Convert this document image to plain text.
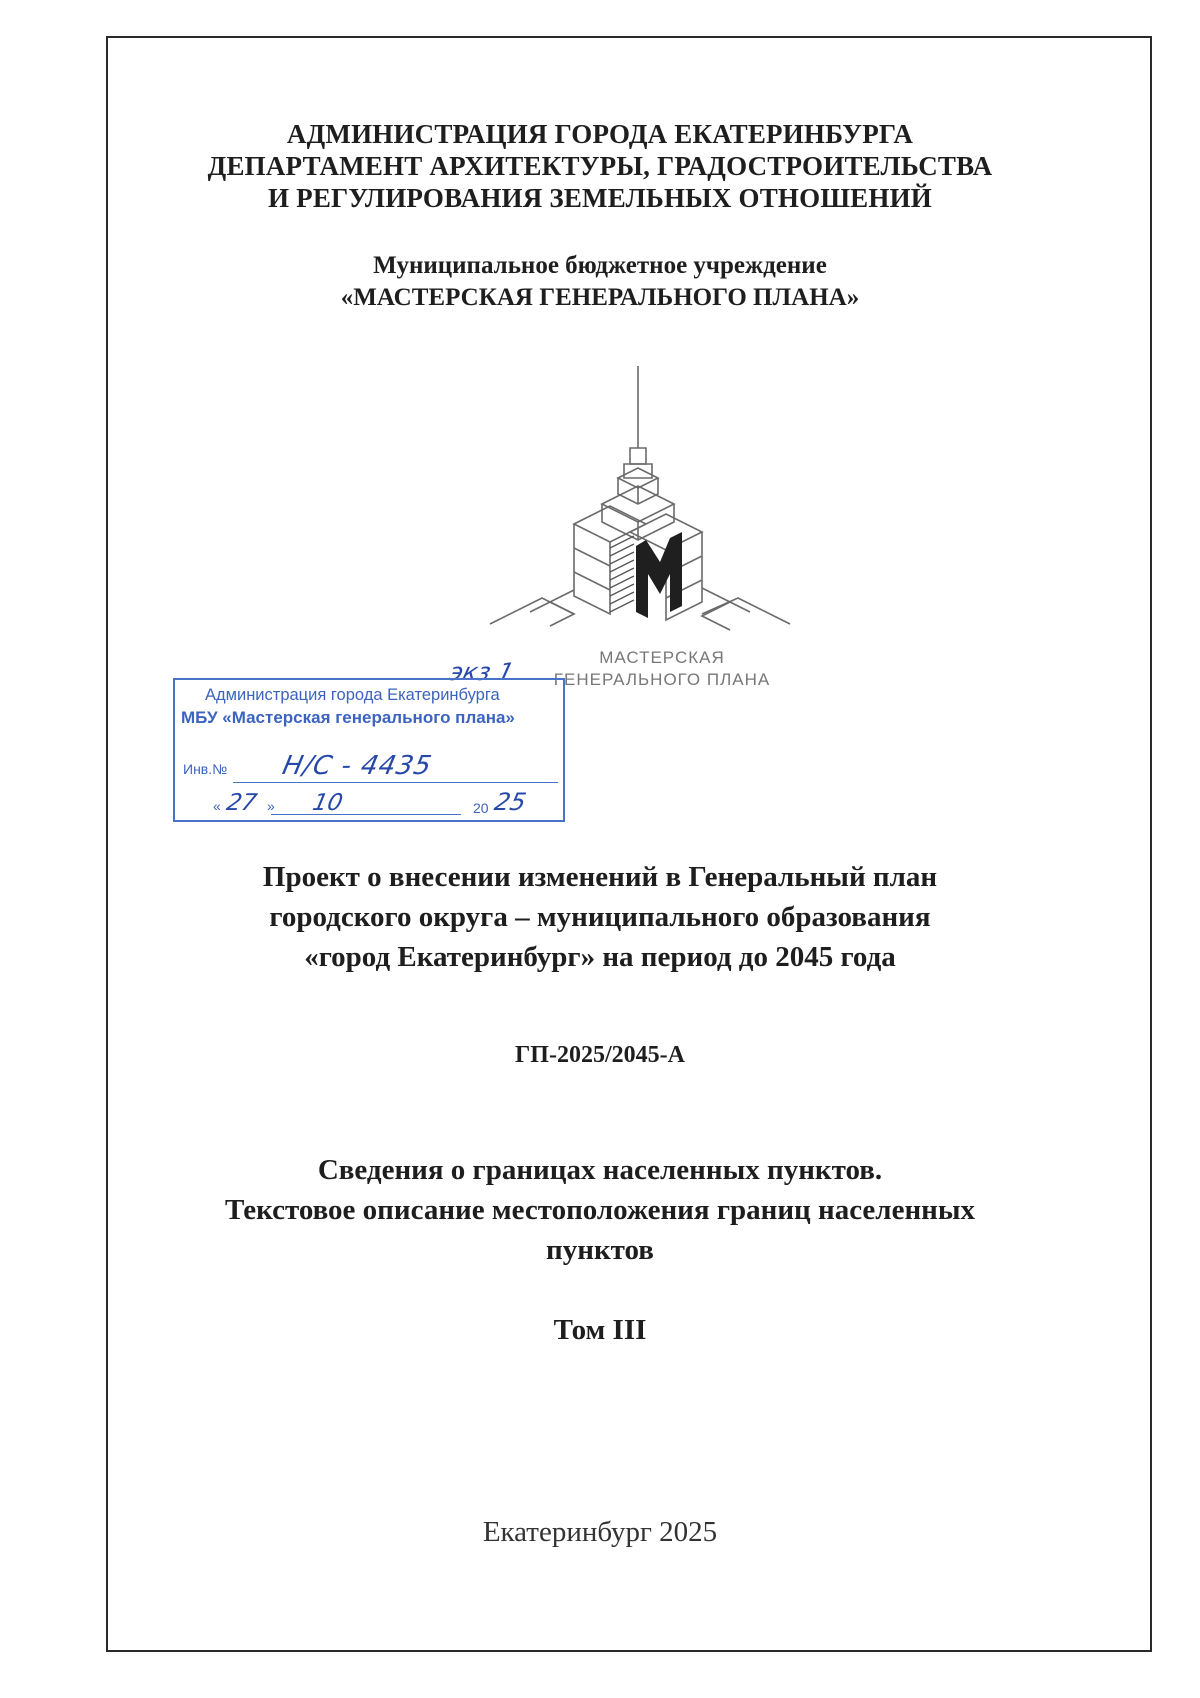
АДМИНИСТРАЦИЯ ГОРОДА ЕКАТЕРИНБУРГА
ДЕПАРТАМЕНТ АРХИТЕКТУРЫ, ГРАДОСТРОИТЕЛЬСТВА
И РЕГУЛИРОВАНИЯ ЗЕМЕЛЬНЫХ ОТНОШЕНИЙ
Муниципальное бюджетное учреждение
«МАСТЕРСКАЯ ГЕНЕРАЛЬНОГО ПЛАНА»
МАСТЕРСКАЯ
ГЕНЕРАЛЬНОГО ПЛАНА
экз 1
Администрация города Екатеринбурга
МБУ «Мастерская генерального плана»
Инв.№ Н/С - 4435
« 27 » 10	20 25
Проект о внесении изменений в Генеральный план
городского округа – муниципального образования
«город Екатеринбург» на период до 2045 года
ГП-2025/2045-А
Сведения о границах населенных пунктов.
Текстовое описание местоположения границ населенных
пунктов
Том III
Екатеринбург 2025
